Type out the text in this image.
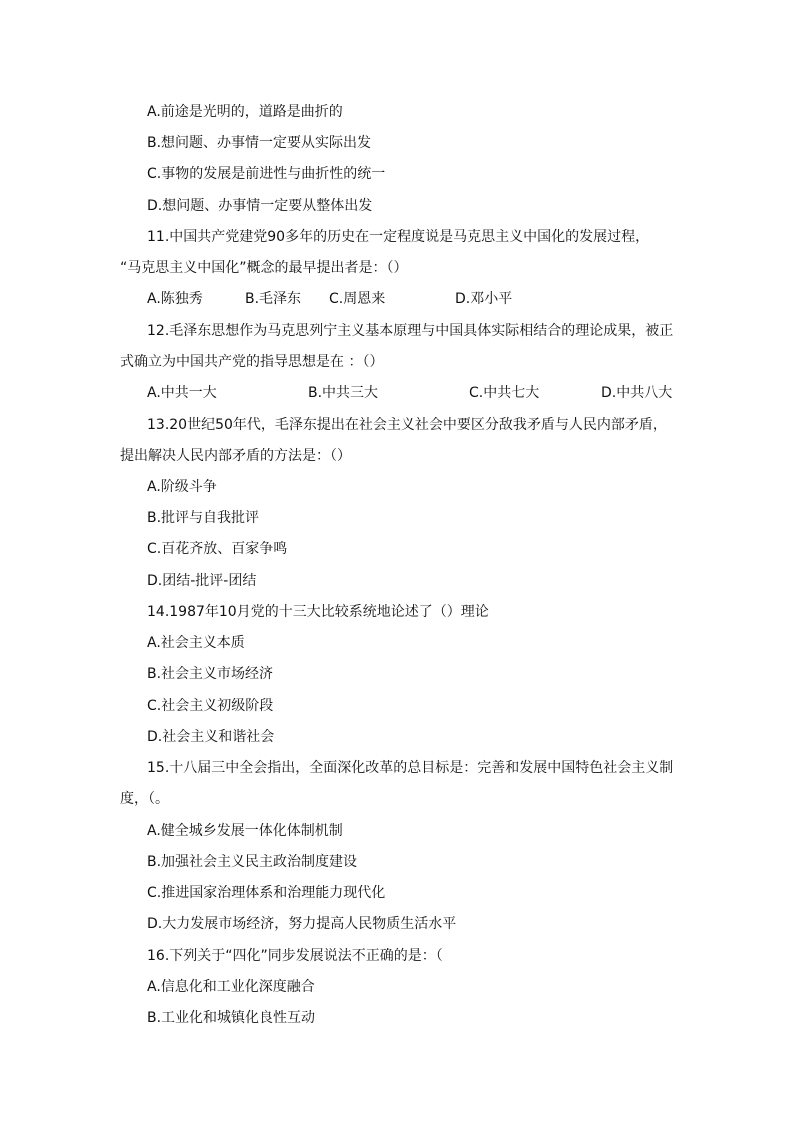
A.前途是光明的，道路是曲折的
B.想问题、办事情一定要从实际出发
C.事物的发展是前进性与曲折性的统一
D.想问题、办事情一定要从整体出发
11.中国共产党建党90多年的历史在一定程度说是马克思主义中国化的发展过程，
“马克思主义中国化”概念的最早提出者是：（）
A.陈独秀	B.毛泽东 C.周恩来	D.邓小平
12.毛泽东思想作为马克思列宁主义基本原理与中国具体实际相结合的理论成果，被正
式确立为中国共产党的指导思想是在 ：（）
A.中共一大	B.中共三大	C.中共七大	D.中共八大
13.20世纪50年代，毛泽东提出在社会主义社会中要区分敌我矛盾与人民内部矛盾，
提出解决人民内部矛盾的方法是：（）
A.阶级斗争
B.批评与自我批评
C.百花齐放、百家争鸣
D.团结-批评-团结
14.1987年10月党的十三大比较系统地论述了（）理论
A.社会主义本质
B.社会主义市场经济
C.社会主义初级阶段
D.社会主义和谐社会
15.十八届三中全会指出，全面深化改革的总目标是：完善和发展中国特色社会主义制
度，（。
A.健全城乡发展一体化体制机制
B.加强社会主义民主政治制度建设
C.推进国家治理体系和治理能力现代化
D.大力发展市场经济，努力提高人民物质生活水平
16.下列关于“四化”同步发展说法不正确的是：（
A.信息化和工业化深度融合
B.工业化和城镇化良性互动
